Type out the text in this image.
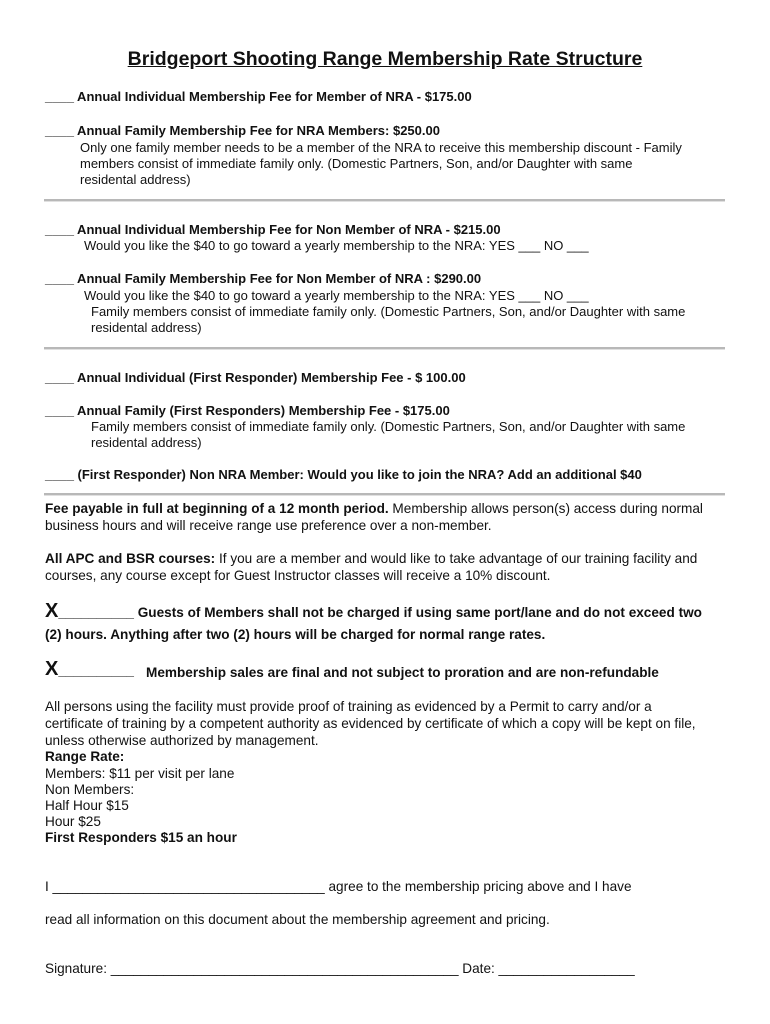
Bridgeport Shooting Range Membership Rate Structure
____ Annual Individual Membership Fee for Member of NRA - $175.00
____ Annual Family Membership Fee for NRA Members: $250.00
Only one family member needs to be a member of the NRA to receive this membership discount - Family
members consist of immediate family only. (Domestic Partners, Son, and/or Daughter with same
residental address)
____ Annual Individual Membership Fee for Non Member of NRA - $215.00
Would you like the $40 to go toward a yearly membership to the NRA: YES ___ NO ___
____ Annual Family Membership Fee for Non Member of NRA : $290.00
Would you like the $40 to go toward a yearly membership to the NRA: YES ___ NO ___
Family members consist of immediate family only. (Domestic Partners, Son, and/or Daughter with same
residental address)
____ Annual Individual (First Responder) Membership Fee - $ 100.00
____ Annual Family (First Responders) Membership Fee - $175.00
Family members consist of immediate family only. (Domestic Partners, Son, and/or Daughter with same
residental address)
____ (First Responder) Non NRA Member: Would you like to join the NRA? Add an additional $40
Fee payable in full at beginning of a 12 month period. Membership allows person(s) access during normal
business hours and will receive range use preference over a non-member.
All APC and BSR courses: If you are a member and would like to take advantage of our training facility and
courses, any course except for Guest Instructor classes will receive a 10% discount.
X__________ Guests of Members shall not be charged if using same port/lane and do not exceed two
(2) hours. Anything after two (2) hours will be charged for normal range rates.
X__________ Membership sales are final and not subject to proration and are non-refundable
All persons using the facility must provide proof of training as evidenced by a Permit to carry and/or a
certificate of training by a competent authority as evidenced by certificate of which a copy will be kept on file,
unless otherwise authorized by management.
Range Rate:
Members: $11 per visit per lane
Non Members:
Half Hour $15
Hour $25
First Responders $15 an hour
I ____________________________________ agree to the membership pricing above and I have
read all information on this document about the membership agreement and pricing.
Signature: ______________________________________________ Date: __________________
